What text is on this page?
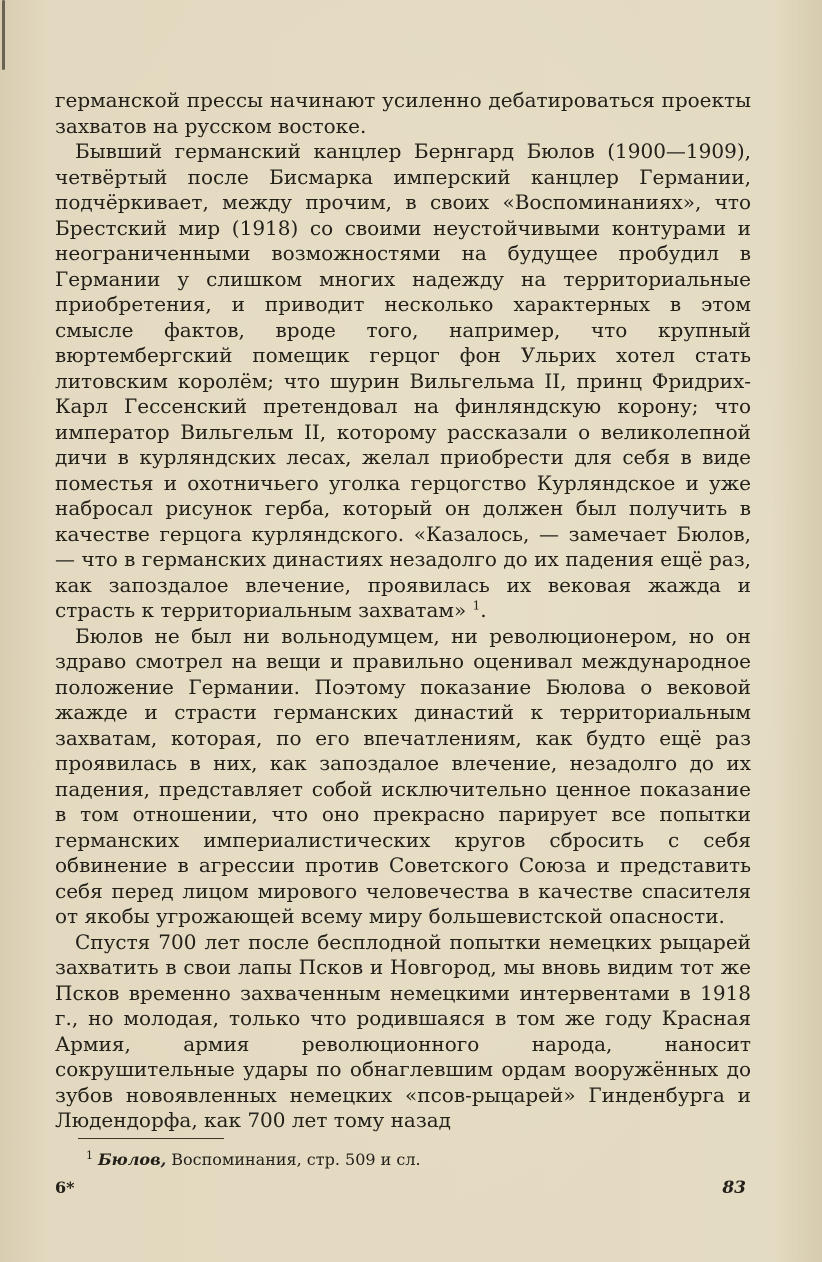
германской прессы начинают усиленно дебатироваться проекты захватов на русском востоке.

Бывший германский канцлер Бернгард Бюлов (1900—1909), четвёртый после Бисмарка имперский канцлер Германии, подчёркивает, между прочим, в своих «Воспоминаниях», что Брестский мир (1918) со своими неустойчивыми контурами и неограниченными возможностями на будущее пробудил в Германии у слишком многих надежду на территориальные приобретения, и приводит несколько характерных в этом смысле фактов, вроде того, например, что крупный вюртембергский помещик герцог фон Ульрих хотел стать литовским королём; что шурин Вильгельма II, принц Фридрих-Карл Гессенский претендовал на финляндскую корону; что император Вильгельм II, которому рассказали о великолепной дичи в курляндских лесах, желал приобрести для себя в виде поместья и охотничьего уголка герцогство Курляндское и уже набросал рисунок герба, который он должен был получить в качестве герцога курляндского. «Казалось, — замечает Бюлов, — что в германских династиях незадолго до их падения ещё раз, как запоздалое влечение, проявилась их вековая жажда и страсть к территориальным захватам» $^1$.

Бюлов не был ни вольнодумцем, ни революционером, но он здраво смотрел на вещи и правильно оценивал международное положение Германии. Поэтому показание Бюлова о вековой жажде и страсти германских династий к территориальным захватам, которая, по его впечатлениям, как будто ещё раз проявилась в них, как запоздалое влечение, незадолго до их падения, представляет собой исключительно ценное показание в том отношении, что оно прекрасно парирует все попытки германских империалистических кругов сбросить с себя обвинение в агрессии против Советского Союза и представить себя перед лицом мирового человечества в качестве спасителя от якобы угрожающей всему миру большевистской опасности.

Спустя 700 лет после бесплодной попытки немецких рыцарей захватить в свои лапы Псков и Новгород, мы вновь видим тот же Псков временно захваченным немецкими интервентами в 1918 г., но молодая, только что родившаяся в том же году Красная Армия, армия революционного народа, наносит сокрушительные удары по обнаглевшим ордам вооружённых до зубов новоявленных немецких «псов-рыцарей» Гинденбурга и Людендорфа, как 700 лет тому назад

$^1$ Бюлов, Воспоминания, стр. 509 и сл.
6*	83
